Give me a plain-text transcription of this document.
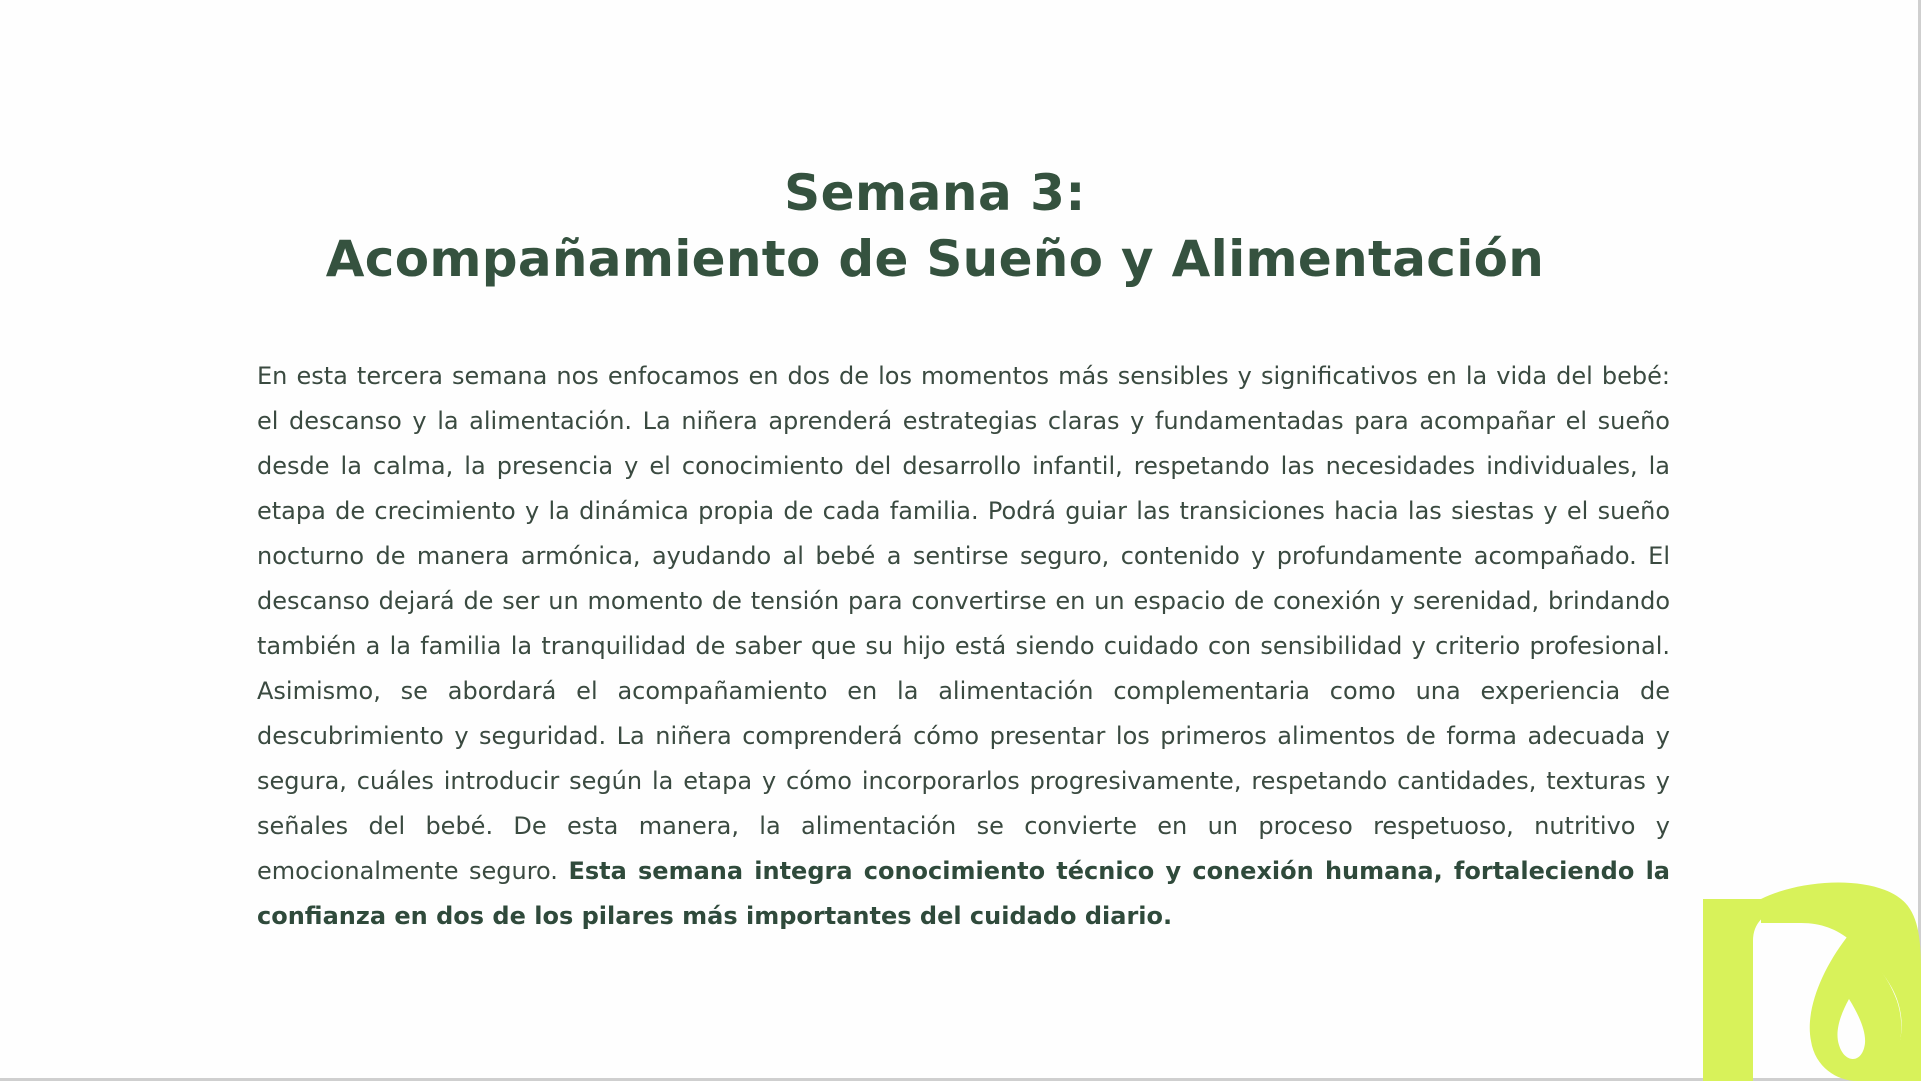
Semana 3:
Acompañamiento de Sueño y Alimentación

En esta tercera semana nos enfocamos en dos de los momentos más sensibles y significativos en la vida del bebé: el descanso y la alimentación. La niñera aprenderá estrategias claras y fundamentadas para acompañar el sueño desde la calma, la presencia y el conocimiento del desarrollo infantil, respetando las necesidades individuales, la etapa de crecimiento y la dinámica propia de cada familia. Podrá guiar las transiciones hacia las siestas y el sueño nocturno de manera armónica, ayudando al bebé a sentirse seguro, contenido y profundamente acompañado. El descanso dejará de ser un momento de tensión para convertirse en un espacio de conexión y serenidad, brindando también a la familia la tranquilidad de saber que su hijo está siendo cuidado con sensibilidad y criterio profesional. Asimismo, se abordará el acompañamiento en la alimentación complementaria como una experiencia de descubrimiento y seguridad. La niñera comprenderá cómo presentar los primeros alimentos de forma adecuada y segura, cuáles introducir según la etapa y cómo incorporarlos progresivamente, respetando cantidades, texturas y señales del bebé. De esta manera, la alimentación se convierte en un proceso respetuoso, nutritivo y emocionalmente seguro. Esta semana integra conocimiento técnico y conexión humana, fortaleciendo la confianza en dos de los pilares más importantes del cuidado diario.
